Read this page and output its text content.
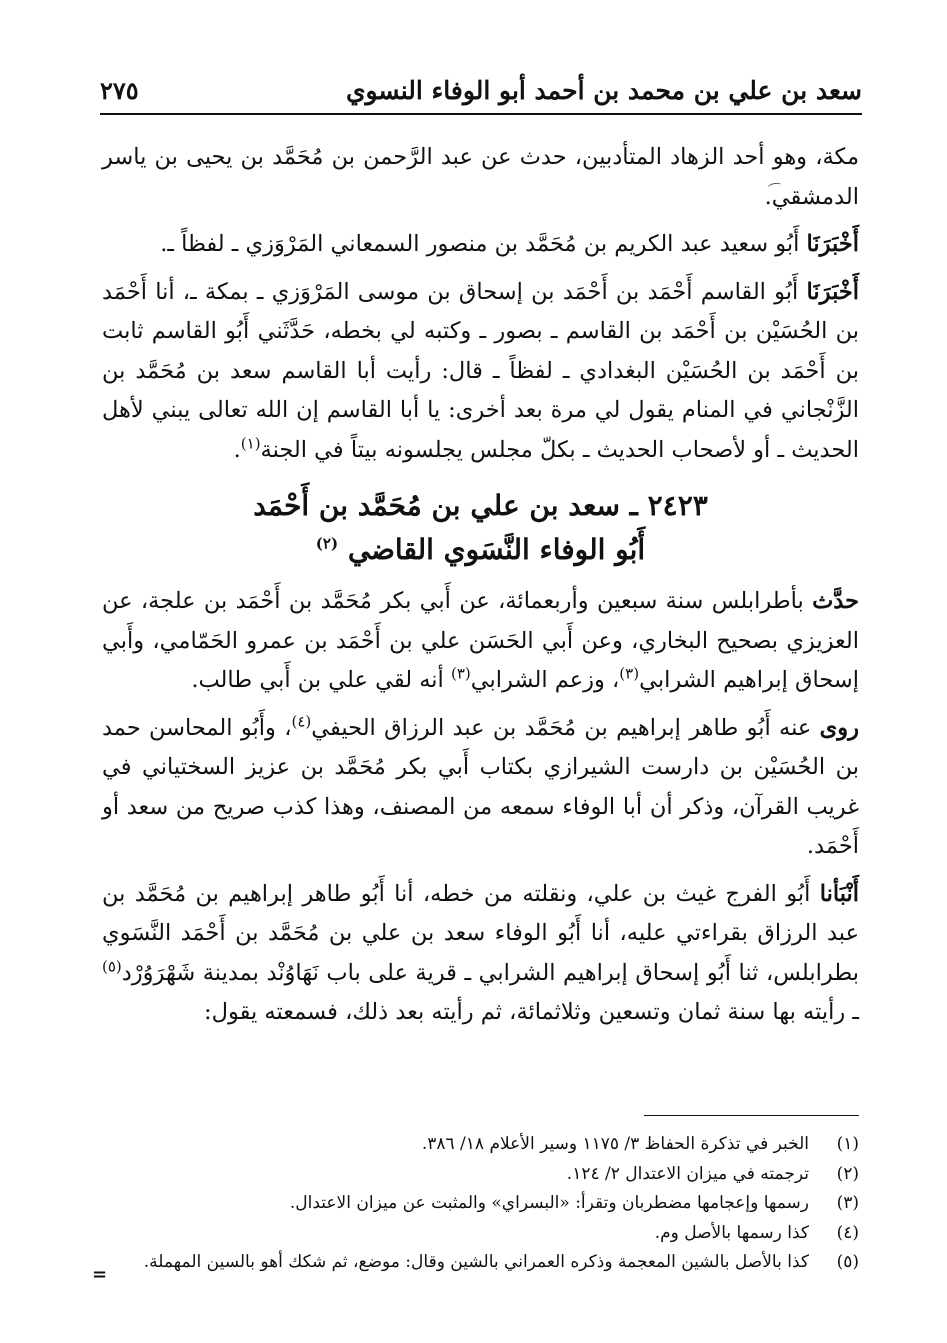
سعد بن علي بن محمد بن أحمد أبو الوفاء النسوي
٢٧٥

مكة، وهو أحد الزهاد المتأدبين، حدث عن عبد الرَّحمن بن مُحَمَّد بن يحيى بن ياسر الدمشقي.

أَخْبَرَنَا أَبُو سعيد عبد الكريم بن مُحَمَّد بن منصور السمعاني المَرْوَزي ـ لفظاً ـ.

أَخْبَرَنَا أَبُو القاسم أَحْمَد بن أَحْمَد بن إسحاق بن موسى المَرْوَزي ـ بمكة ـ، أنا أَحْمَد بن الحُسَيْن بن أَحْمَد بن القاسم ـ بصور ـ وكتبه لي بخطه، حَدَّثَني أَبُو القاسم ثابت بن أَحْمَد بن الحُسَيْن البغدادي ـ لفظاً ـ قال: رأيت أبا القاسم سعد بن مُحَمَّد بن الزَّنْجاني في المنام يقول لي مرة بعد أخرى: يا أبا القاسم إن الله تعالى يبني لأهل الحديث ـ أو لأصحاب الحديث ـ بكلّ مجلس يجلسونه بيتاً في الجنة$^{(١)}$.

٢٤٢٣ ـ سعد بن علي بن مُحَمَّد بن أَحْمَد
أَبُو الوفاء النَّسَوي القاضي $^{(٢)}$

حدَّث بأطرابلس سنة سبعين وأربعمائة، عن أَبي بكر مُحَمَّد بن أَحْمَد بن علجة، عن العزيزي بصحيح البخاري، وعن أَبي الحَسَن علي بن أَحْمَد بن عمرو الحَمّامي، وأَبي إسحاق إبراهيم الشرابي$^{(٣)}$، وزعم الشرابي$^{(٣)}$ أنه لقي علي بن أَبي طالب.

روى عنه أَبُو طاهر إبراهيم بن مُحَمَّد بن عبد الرزاق الحيفي$^{(٤)}$، وأَبُو المحاسن حمد بن الحُسَيْن بن دارست الشيرازي بكتاب أَبي بكر مُحَمَّد بن عزيز السختياني في غريب القرآن، وذكر أن أبا الوفاء سمعه من المصنف، وهذا كذب صريح من سعد أو أَحْمَد.

أَنْبَأنا أَبُو الفرج غيث بن علي، ونقلته من خطه، أنا أَبُو طاهر إبراهيم بن مُحَمَّد بن عبد الرزاق بقراءتي عليه، أنا أَبُو الوفاء سعد بن علي بن مُحَمَّد بن أَحْمَد النَّسَوي بطرابلس، ثنا أَبُو إسحاق إبراهيم الشرابي ـ قرية على باب نَهَاوُنْد بمدينة شَهْرَوُرْد$^{(٥)}$ ـ رأيته بها سنة ثمان وتسعين وثلاثمائة، ثم رأيته بعد ذلك، فسمعته يقول:

(١)
الخبر في تذكرة الحفاظ ٣/ ١١٧٥ وسير الأعلام ١٨/ ٣٨٦.
(٢)
ترجمته في ميزان الاعتدال ٢/ ١٢٤.
(٣)
رسمها وإعجامها مضطربان وتقرأ: «البسراي» والمثبت عن ميزان الاعتدال.
(٤)
كذا رسمها بالأصل وم.
(٥)
كذا بالأصل بالشين المعجمة وذكره العمراني بالشين وقال: موضع، ثم شكك أهو بالسين المهملة.
=
